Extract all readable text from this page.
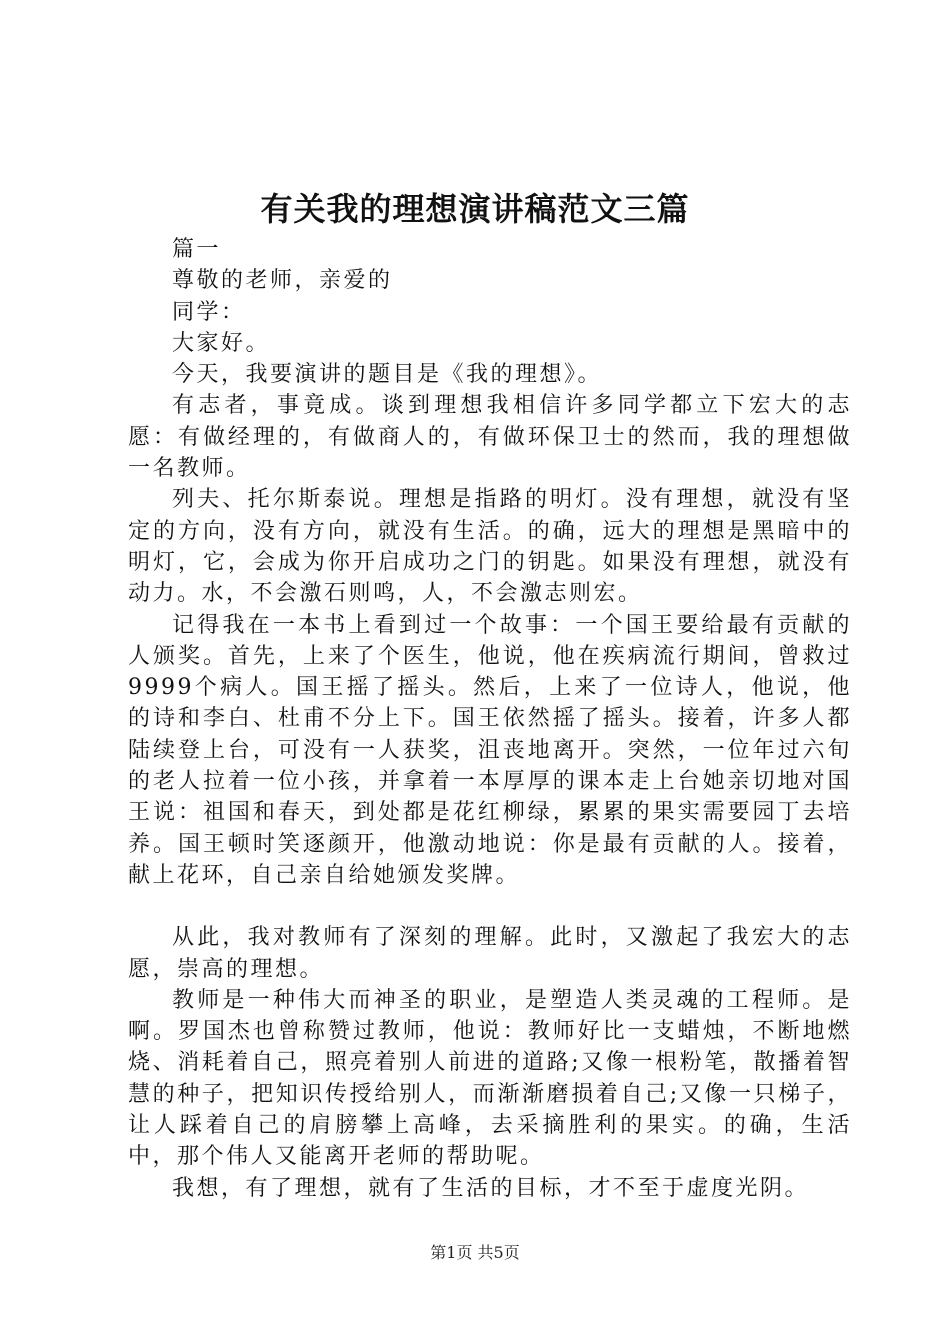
有关我的理想演讲稿范文三篇

篇一

尊敬的老师，亲爱的

同学：

大家好。

今天，我要演讲的题目是《我的理想》。

有志者，事竟成。谈到理想我相信许多同学都立下宏大的志愿：有做经理的，有做商人的，有做环保卫士的然而，我的理想做一名教师。

列夫、托尔斯泰说。理想是指路的明灯。没有理想，就没有坚定的方向，没有方向，就没有生活。的确，远大的理想是黑暗中的明灯，它，会成为你开启成功之门的钥匙。如果没有理想，就没有动力。水，不会激石则鸣，人，不会激志则宏。

记得我在一本书上看到过一个故事：一个国王要给最有贡献的人颁奖。首先，上来了个医生，他说，他在疾病流行期间，曾救过9999个病人。国王摇了摇头。然后，上来了一位诗人，他说，他的诗和李白、杜甫不分上下。国王依然摇了摇头。接着，许多人都陆续登上台，可没有一人获奖，沮丧地离开。突然，一位年过六旬的老人拉着一位小孩，并拿着一本厚厚的课本走上台她亲切地对国王说：祖国和春天，到处都是花红柳绿，累累的果实需要园丁去培养。国王顿时笑逐颜开，他激动地说：你是最有贡献的人。接着，献上花环，自己亲自给她颁发奖牌。

从此，我对教师有了深刻的理解。此时，又激起了我宏大的志愿，崇高的理想。

教师是一种伟大而神圣的职业，是塑造人类灵魂的工程师。是啊。罗国杰也曾称赞过教师，他说：教师好比一支蜡烛，不断地燃烧、消耗着自己，照亮着别人前进的道路;又像一根粉笔，散播着智慧的种子，把知识传授给别人，而渐渐磨损着自己;又像一只梯子，让人踩着自己的肩膀攀上高峰，去采摘胜利的果实。的确，生活中，那个伟人又能离开老师的帮助呢。

我想，有了理想，就有了生活的目标，才不至于虚度光阴。

第1页 共5页
